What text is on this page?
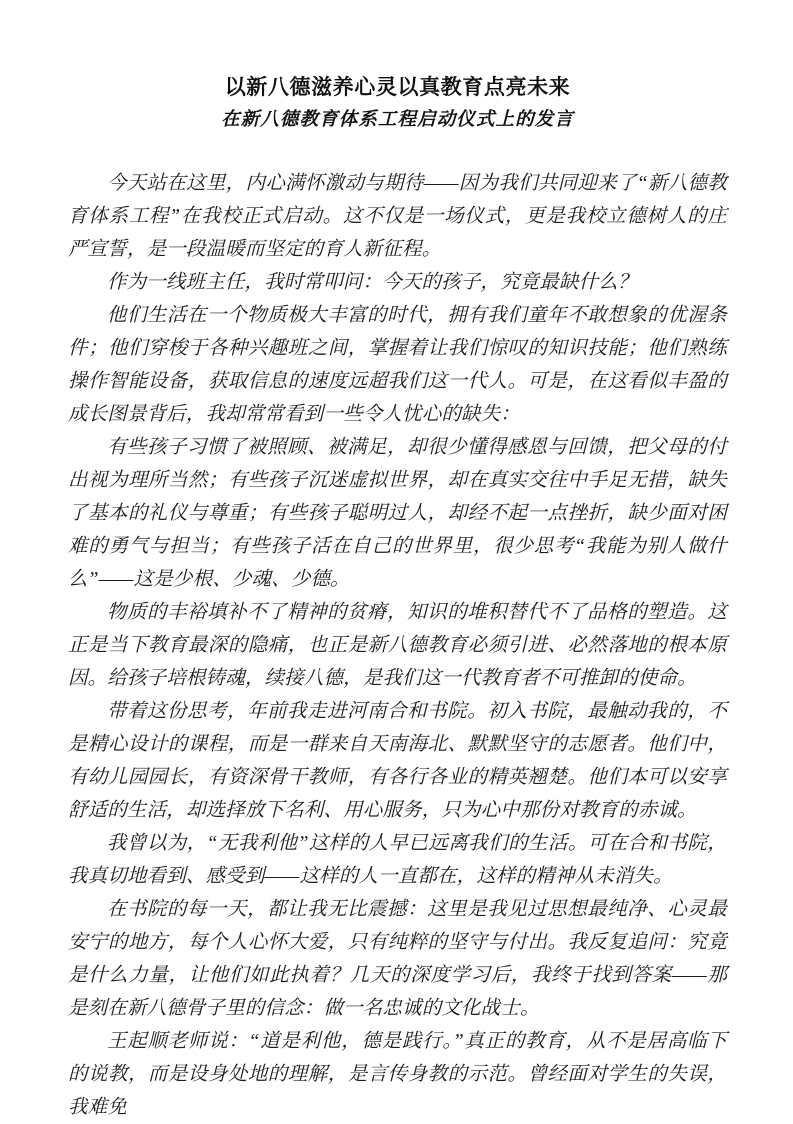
以新八德滋养心灵以真教育点亮未来
在新八德教育体系工程启动仪式上的发言

今天站在这里，内心满怀激动与期待——因为我们共同迎来了“新八德教育体系工程”在我校正式启动。这不仅是一场仪式，更是我校立德树人的庄严宣誓，是一段温暖而坚定的育人新征程。

作为一线班主任，我时常叩问：今天的孩子，究竟最缺什么？

他们生活在一个物质极大丰富的时代，拥有我们童年不敢想象的优渥条件；他们穿梭于各种兴趣班之间，掌握着让我们惊叹的知识技能；他们熟练操作智能设备，获取信息的速度远超我们这一代人。可是，在这看似丰盈的成长图景背后，我却常常看到一些令人忧心的缺失：

有些孩子习惯了被照顾、被满足，却很少懂得感恩与回馈，把父母的付出视为理所当然；有些孩子沉迷虚拟世界，却在真实交往中手足无措，缺失了基本的礼仪与尊重；有些孩子聪明过人，却经不起一点挫折，缺少面对困难的勇气与担当；有些孩子活在自己的世界里，很少思考“我能为别人做什么”——这是少根、少魂、少德。

物质的丰裕填补不了精神的贫瘠，知识的堆积替代不了品格的塑造。这正是当下教育最深的隐痛，也正是新八德教育必须引进、必然落地的根本原因。给孩子培根铸魂，续接八德，是我们这一代教育者不可推卸的使命。

带着这份思考，年前我走进河南合和书院。初入书院，最触动我的，不是精心设计的课程，而是一群来自天南海北、默默坚守的志愿者。他们中，有幼儿园园长，有资深骨干教师，有各行各业的精英翘楚。他们本可以安享舒适的生活，却选择放下名利、用心服务，只为心中那份对教育的赤诚。

我曾以为，“无我利他”这样的人早已远离我们的生活。可在合和书院，我真切地看到、感受到——这样的人一直都在，这样的精神从未消失。

在书院的每一天，都让我无比震撼：这里是我见过思想最纯净、心灵最安宁的地方，每个人心怀大爱，只有纯粹的坚守与付出。我反复追问：究竟是什么力量，让他们如此执着？几天的深度学习后，我终于找到答案——那是刻在新八德骨子里的信念：做一名忠诚的文化战士。

王起顺老师说：“道是利他，德是践行。”真正的教育，从不是居高临下的说教，而是设身处地的理解，是言传身教的示范。曾经面对学生的失误，我难免
